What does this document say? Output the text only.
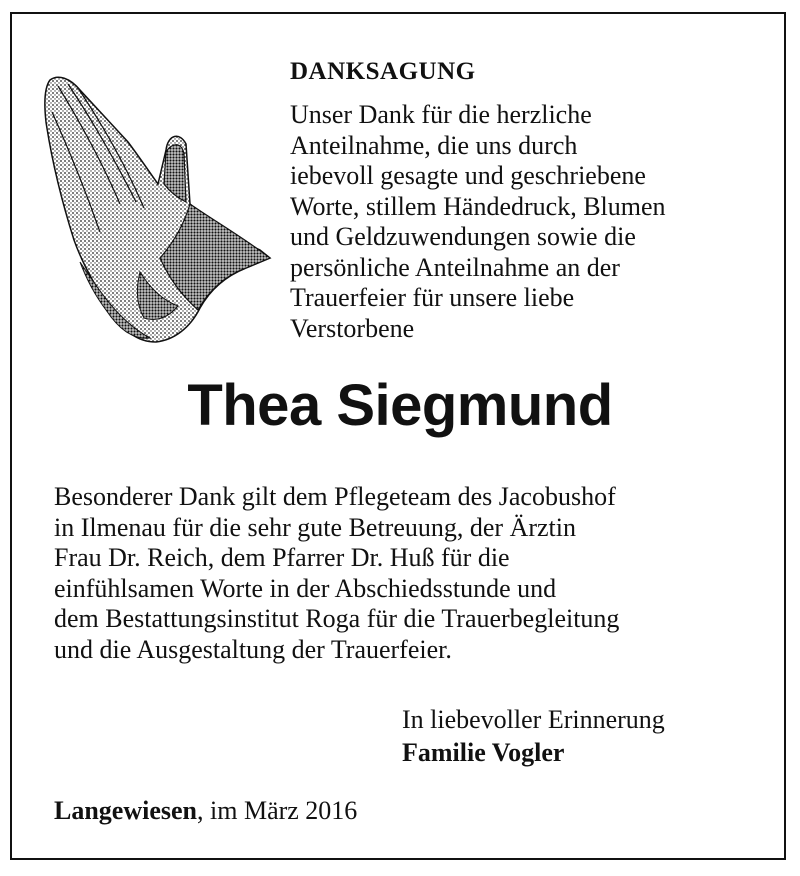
DANKSAGUNG
Unser Dank für die herzliche
Anteilnahme, die uns durch
iebevoll gesagte und geschriebene
Worte, stillem Händedruck, Blumen
und Geldzuwendungen sowie die
persönliche Anteilnahme an der
Trauerfeier für unsere liebe
Verstorbene
Thea Siegmund
Besonderer Dank gilt dem Pflegeteam des Jacobushof
in Ilmenau für die sehr gute Betreuung, der Ärztin
Frau Dr. Reich, dem Pfarrer Dr. Huß für die
einfühlsamen Worte in der Abschiedsstunde und
dem Bestattungsinstitut Roga für die Trauerbegleitung
und die Ausgestaltung der Trauerfeier.
In liebevoller Erinnerung
Familie Vogler
Langewiesen, im März 2016
